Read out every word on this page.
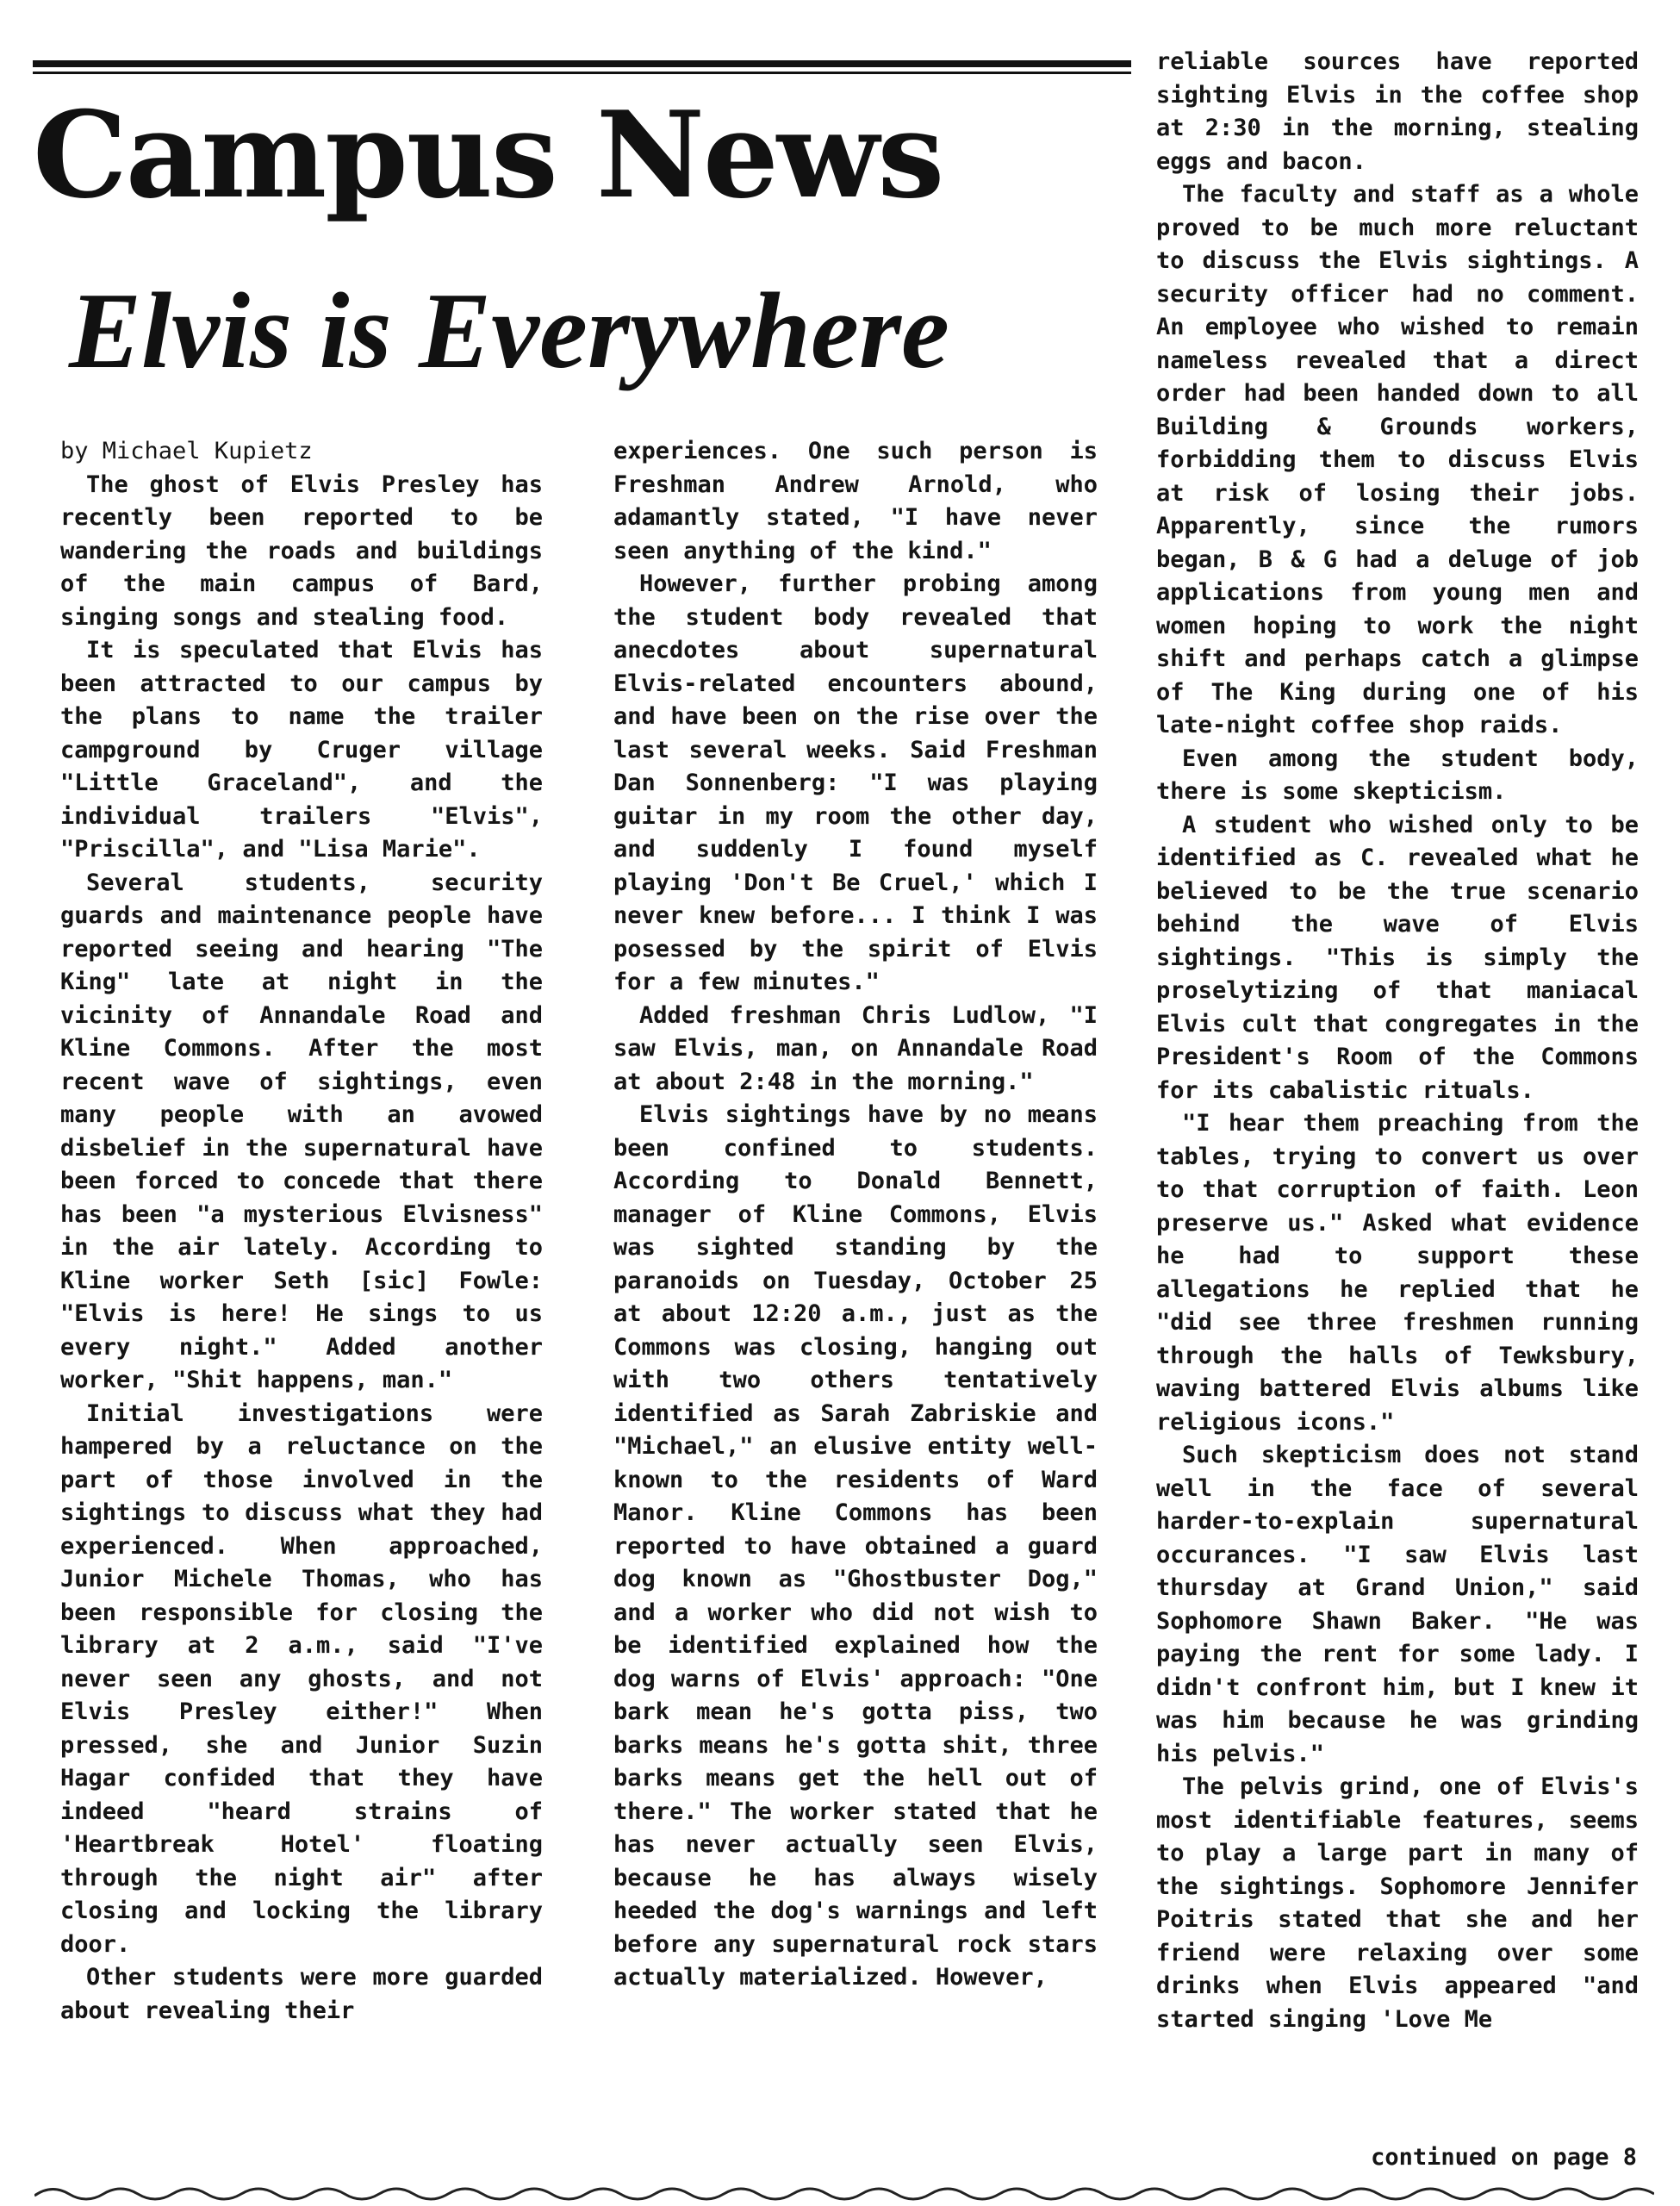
Campus News
Elvis is Everywhere

by Michael Kupietz

The ghost of Elvis Presley has recently been reported to be wandering the roads and buildings of the main campus of Bard, singing songs and stealing food.

It is speculated that Elvis has been attracted to our campus by the plans to name the trailer campground by Cruger village "Little Graceland", and the individual trailers "Elvis", "Priscilla", and "Lisa Marie".

Several students, security guards and maintenance people have reported seeing and hearing "The King" late at night in the vicinity of Annandale Road and Kline Commons. After the most recent wave of sightings, even many people with an avowed disbelief in the supernatural have been forced to concede that there has been "a mysterious Elvisness" in the air lately. According to Kline worker Seth [sic] Fowle: "Elvis is here! He sings to us every night." Added another worker, "Shit happens, man."

Initial investigations were hampered by a reluctance on the part of those involved in the sightings to discuss what they had experienced. When approached, Junior Michele Thomas, who has been responsible for closing the library at 2 a.m., said "I've never seen any ghosts, and not Elvis Presley either!" When pressed, she and Junior Suzin Hagar confided that they have indeed "heard strains of 'Heartbreak Hotel' floating through the night air" after closing and locking the library door.

Other students were more guarded about revealing their

experiences. One such person is Freshman Andrew Arnold, who adamantly stated, "I have never seen anything of the kind."

However, further probing among the student body revealed that anecdotes about supernatural Elvis-related encounters abound, and have been on the rise over the last several weeks. Said Freshman Dan Sonnenberg: "I was playing guitar in my room the other day, and suddenly I found myself playing 'Don't Be Cruel,' which I never knew before... I think I was posessed by the spirit of Elvis for a few minutes."

Added freshman Chris Ludlow, "I saw Elvis, man, on Annandale Road at about 2:48 in the morning."

Elvis sightings have by no means been confined to students. According to Donald Bennett, manager of Kline Commons, Elvis was sighted standing by the paranoids on Tuesday, October 25 at about 12:20 a.m., just as the Commons was closing, hanging out with two others tentatively identified as Sarah Zabriskie and "Michael," an elusive entity well-known to the residents of Ward Manor. Kline Commons has been reported to have obtained a guard dog known as "Ghostbuster Dog," and a worker who did not wish to be identified explained how the dog warns of Elvis' approach: "One bark mean he's gotta piss, two barks means he's gotta shit, three barks means get the hell out of there." The worker stated that he has never actually seen Elvis, because he has always wisely heeded the dog's warnings and left before any supernatural rock stars actually materialized. However,

reliable sources have reported sighting Elvis in the coffee shop at 2:30 in the morning, stealing eggs and bacon.

The faculty and staff as a whole proved to be much more reluctant to discuss the Elvis sightings. A security officer had no comment. An employee who wished to remain nameless revealed that a direct order had been handed down to all Building & Grounds workers, forbidding them to discuss Elvis at risk of losing their jobs. Apparently, since the rumors began, B & G had a deluge of job applications from young men and women hoping to work the night shift and perhaps catch a glimpse of The King during one of his late-night coffee shop raids.

Even among the student body, there is some skepticism.

A student who wished only to be identified as C. revealed what he believed to be the true scenario behind the wave of Elvis sightings. "This is simply the proselytizing of that maniacal Elvis cult that congregates in the President's Room of the Commons for its cabalistic rituals.

"I hear them preaching from the tables, trying to convert us over to that corruption of faith. Leon preserve us." Asked what evidence he had to support these allegations he replied that he "did see three freshmen running through the halls of Tewksbury, waving battered Elvis albums like religious icons."

Such skepticism does not stand well in the face of several harder-to-explain supernatural occurances. "I saw Elvis last thursday at Grand Union," said Sophomore Shawn Baker. "He was paying the rent for some lady. I didn't confront him, but I knew it was him because he was grinding his pelvis."

The pelvis grind, one of Elvis's most identifiable features, seems to play a large part in many of the sightings. Sophomore Jennifer Poitris stated that she and her friend were relaxing over some drinks when Elvis appeared "and started singing 'Love Me

continued on page 8
